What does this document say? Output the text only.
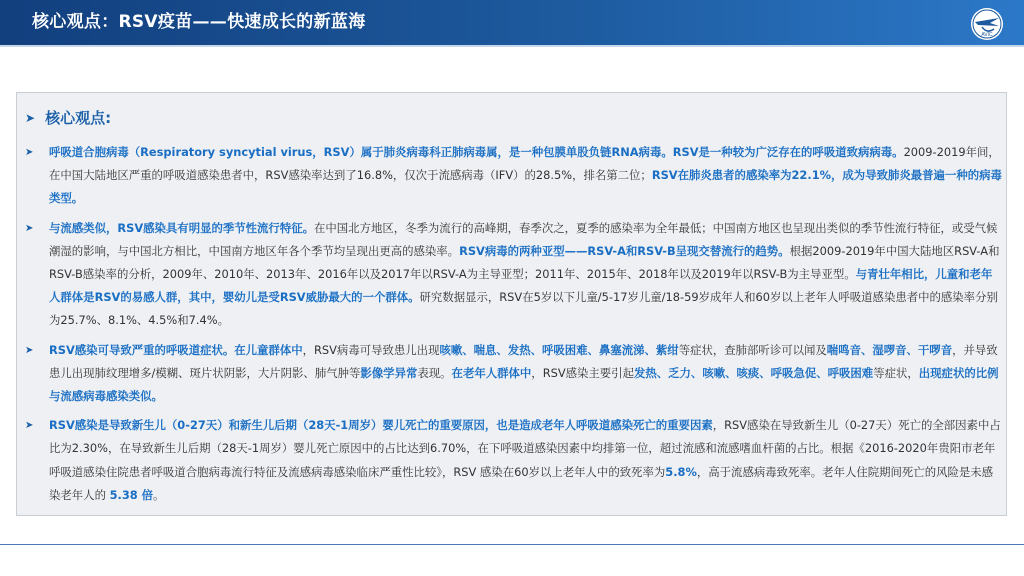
核心观点：RSV疫苗——快速成长的新蓝海
AVIC
➤ 核心观点:
➤ 呼吸道合胞病毒（Respiratory syncytial virus，RSV）属于肺炎病毒科正肺病毒属，是一种包膜单股负链RNA病毒。RSV是一种较为广泛存在的呼吸道致病病毒。2009-2019年间，在中国大陆地区严重的呼吸道感染患者中，RSV感染率达到了16.8%，仅次于流感病毒（IFV）的28.5%，排名第二位；RSV在肺炎患者的感染率为22.1%，成为导致肺炎最普遍一种的病毒类型。
➤ 与流感类似，RSV感染具有明显的季节性流行特征。在中国北方地区，冬季为流行的高峰期，春季次之，夏季的感染率为全年最低；中国南方地区也呈现出类似的季节性流行特征，或受气候潮湿的影响，与中国北方相比，中国南方地区年各个季节均呈现出更高的感染率。RSV病毒的两种亚型——RSV-A和RSV-B呈现交替流行的趋势。根据2009-2019年中国大陆地区RSV-A和RSV-B感染率的分析，2009年、2010年、2013年、2016年以及2017年以RSV-A为主导亚型；2011年、2015年、2018年以及2019年以RSV-B为主导亚型。与青壮年相比，儿童和老年人群体是RSV的易感人群，其中，婴幼儿是受RSV威胁最大的一个群体。研究数据显示，RSV在5岁以下儿童/5-17岁儿童/18-59岁成年人和60岁以上老年人呼吸道感染患者中的感染率分别为25.7%、8.1%、4.5%和7.4%。
➤ RSV感染可导致严重的呼吸道症状。在儿童群体中，RSV病毒可导致患儿出现咳嗽、喘息、发热、呼吸困难、鼻塞流涕、紫绀等症状，查肺部听诊可以闻及喘鸣音、湿啰音、干啰音，并导致患儿出现肺纹理增多/模糊、斑片状阴影，大片阴影、肺气肿等影像学异常表现。在老年人群体中，RSV感染主要引起发热、乏力、咳嗽、咳痰、呼吸急促、呼吸困难等症状，出现症状的比例与流感病毒感染类似。
➤ RSV感染是导致新生儿（0-27天）和新生儿后期（28天-1周岁）婴儿死亡的重要原因，也是造成老年人呼吸道感染死亡的重要因素，RSV感染在导致新生儿（0-27天）死亡的全部因素中占比为2.30%，在导致新生儿后期（28天-1周岁）婴儿死亡原因中的占比达到6.70%，在下呼吸道感染因素中均排第一位，超过流感和流感嗜血杆菌的占比。根据《2016-2020年贵阳市老年呼吸道感染住院患者呼吸道合胞病毒流行特征及流感病毒感染临床严重性比较》，RSV 感染在60岁以上老年人中的致死率为5.8%，高于流感病毒致死率。老年人住院期间死亡的风险是未感染老年人的 5.38 倍。
